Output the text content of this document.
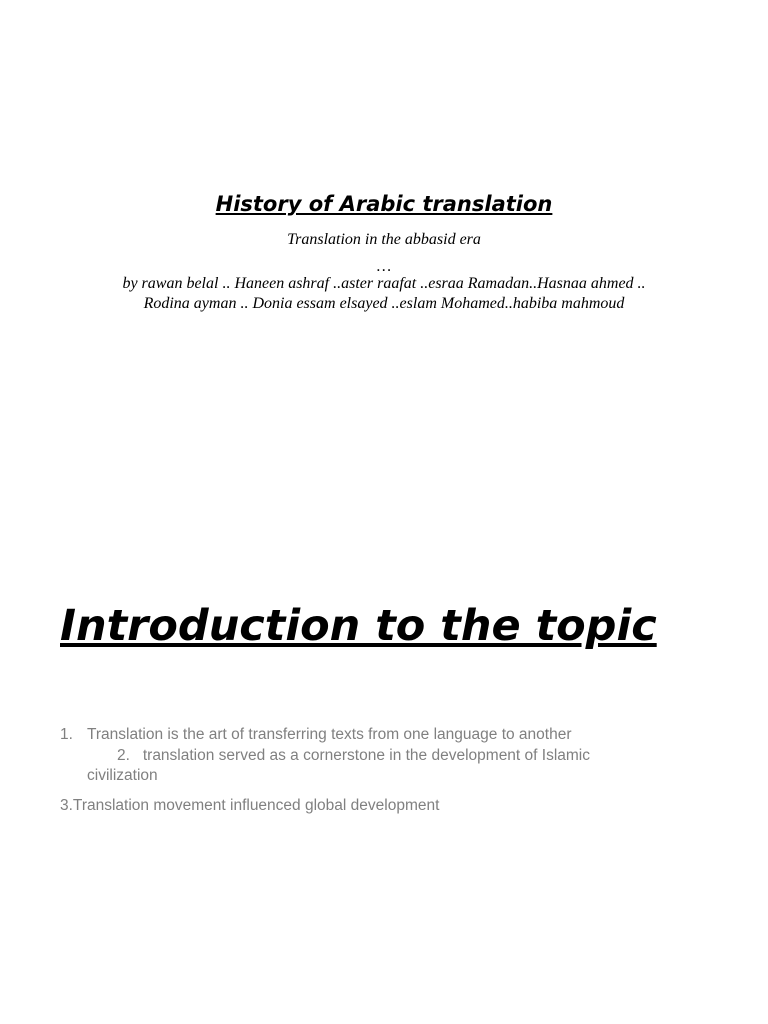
History of Arabic translation
Translation in the abbasid era
…
by rawan belal .. Haneen ashraf ..aster raafat ..esraa Ramadan..Hasnaa ahmed .. Rodina ayman .. Donia essam elsayed ..eslam Mohamed..habiba mahmoud
Introduction to the topic
1. Translation is the art of transferring texts from one language to another
2.   translation served as a cornerstone in the development of Islamic civilization
3.Translation movement influenced global development
